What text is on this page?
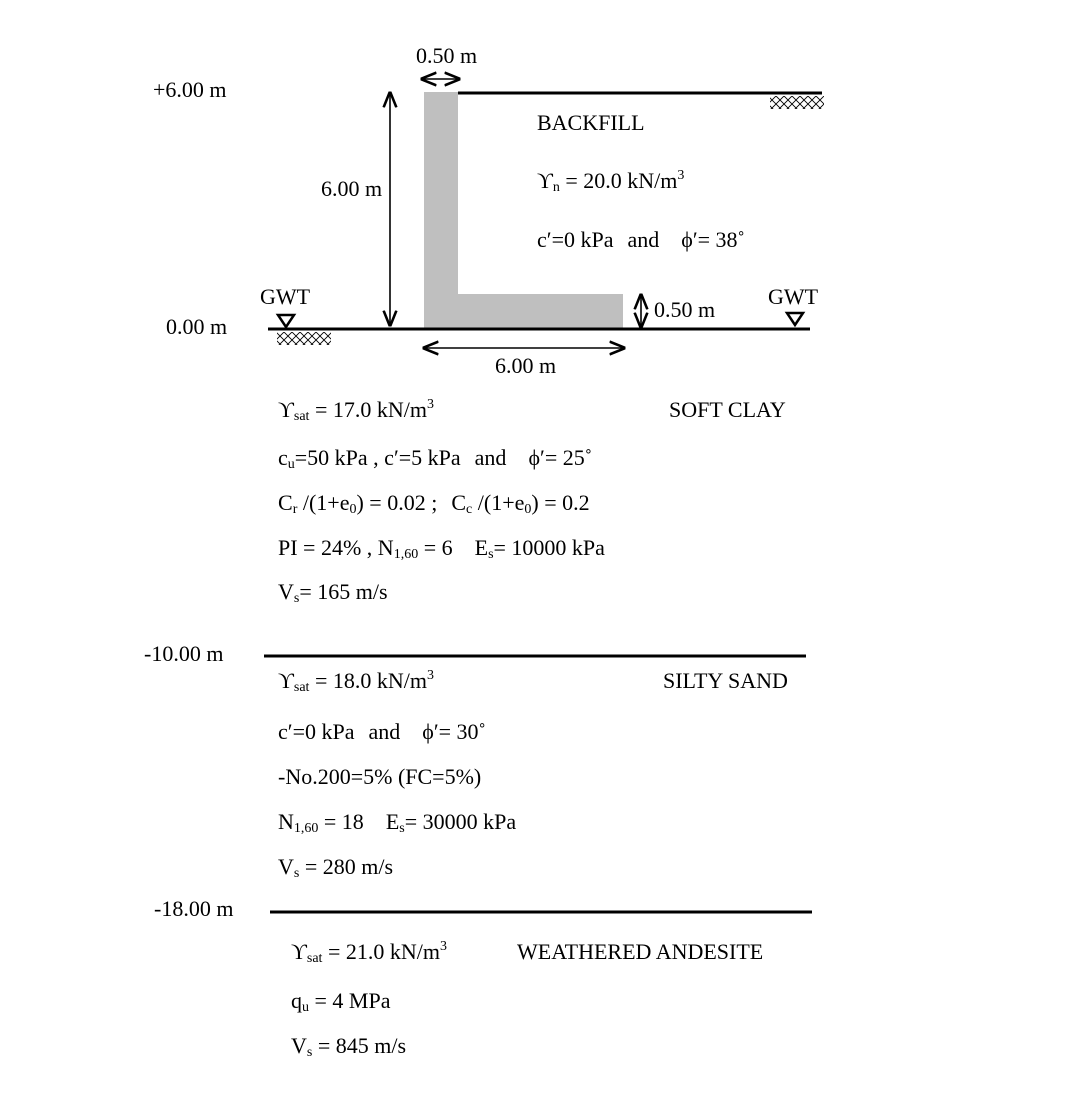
+6.00 m
0.00 m
-10.00 m
-18.00 m
0.50 m
6.00 m
0.50 m
6.00 m
GWT	GWT
BACKFILL
$ϒ_n = 20.0$ $kN/m^3$
c′=0 kPa and ϕ′= 38˚
$ϒ_{sat} = 17.0$ $kN/m^3$	SOFT CLAY
$c_u=50$ kPa , c′=5 kPa and ϕ′= 25˚
$C_r$ $/(1+e_0) = 0.02$ ; $C_c$ $/(1+e_0) = 0.2$
PI = 24% , $N_{1,60} = 6$ $E_s= 10000$ kPa
$V_s= 165$ m/s
$ϒ_{sat} = 18.0$ $kN/m^3$	SILTY SAND
c′=0 kPa and ϕ′= 30˚
-No.200=5% (FC=5%)
$N_{1,60} = 18$ $E_s= 30000$ kPa
$V_s = 280$ m/s
$ϒ_{sat} = 21.0$ $kN/m^3$	WEATHERED ANDESITE
$q_u = 4$ MPa
$V_s = 845$ m/s
